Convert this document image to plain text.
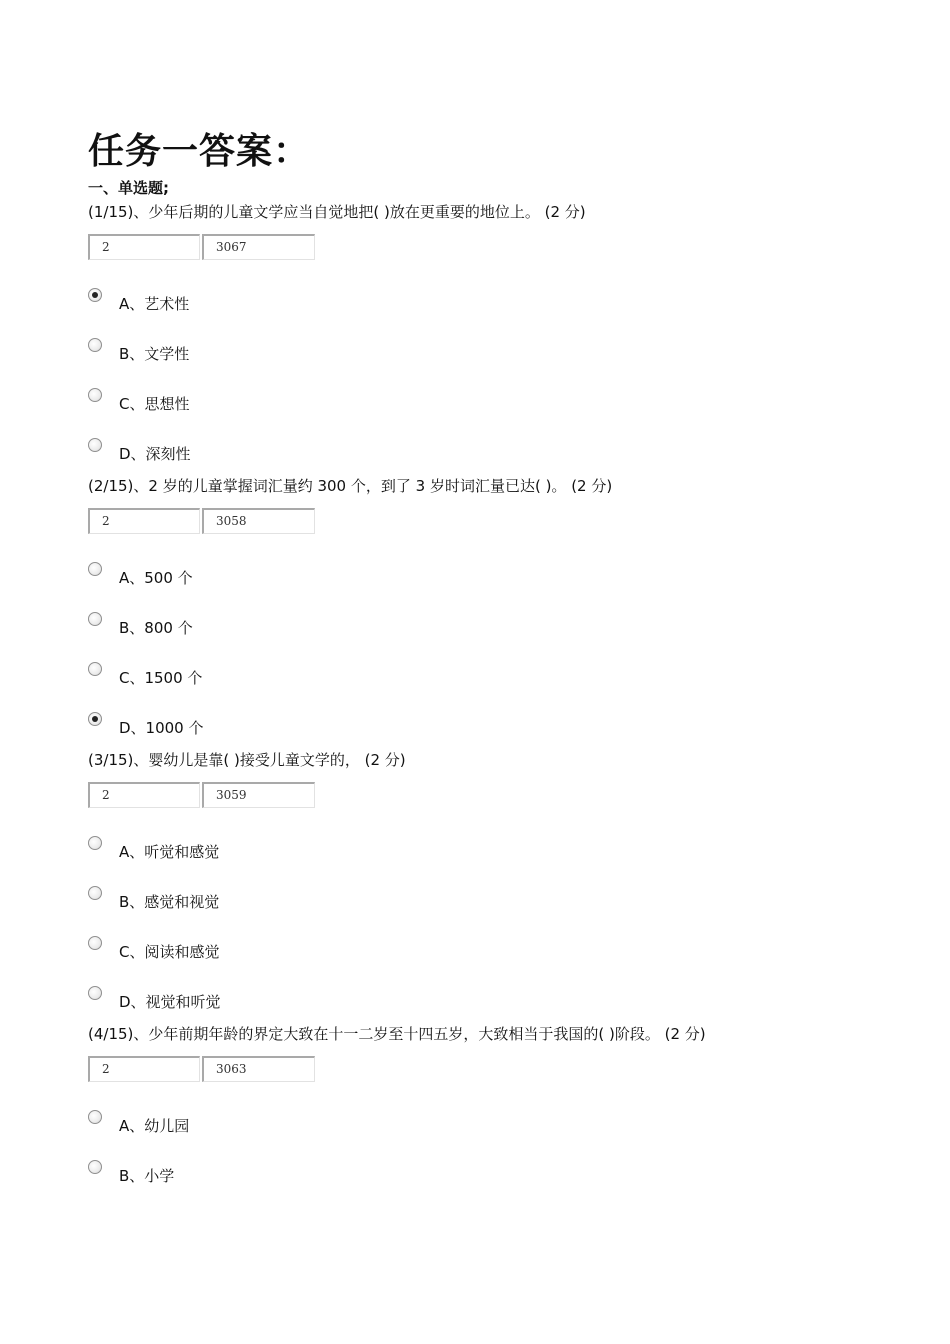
任务一答案：
一、单选题;
(1/15)、少年后期的儿童文学应当自觉地把( )放在更重要的地位上。 (2 分)
2	3067
A、艺术性
B、文学性
C、思想性
D、深刻性
(2/15)、2 岁的儿童掌握词汇量约 300 个，到了 3 岁时词汇量已达( )。 (2 分)
2	3058
A、500 个
B、800 个
C、1500 个
D、1000 个
(3/15)、婴幼儿是靠( )接受儿童文学的， (2 分)
2	3059
A、听觉和感觉
B、感觉和视觉
C、阅读和感觉
D、视觉和听觉
(4/15)、少年前期年龄的界定大致在十一二岁至十四五岁，大致相当于我国的( )阶段。 (2 分)
2	3063
A、幼儿园
B、小学
